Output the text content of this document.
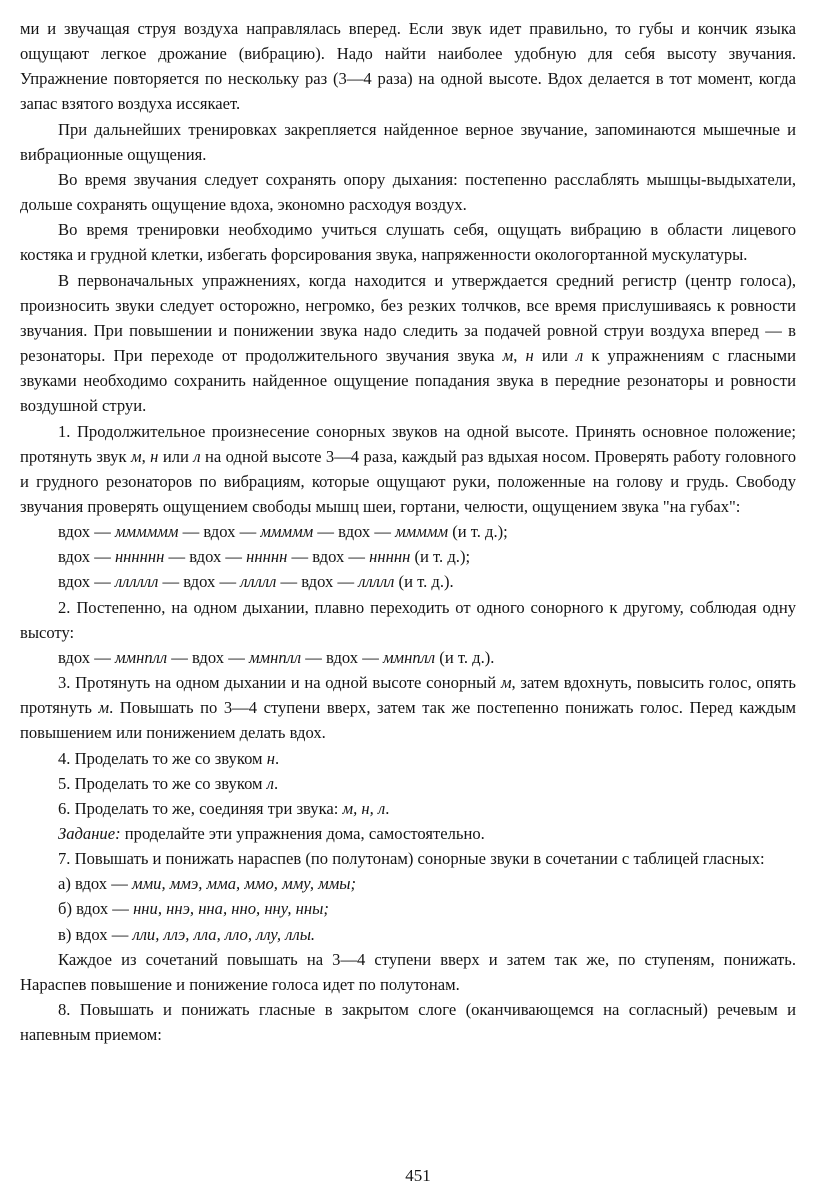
ми и звучащая струя воздуха направлялась вперед. Если звук идет правильно, то губы и кончик языка ощущают легкое дрожание (вибрацию). Надо найти наиболее удобную для себя высоту звучания. Упражнение повторяется по нескольку раз (3—4 раза) на одной высоте. Вдох делается в тот момент, когда запас взятого воздуха иссякает.

При дальнейших тренировках закрепляется найденное верное звучание, запоминаются мышечные и вибрационные ощущения.

Во время звучания следует сохранять опору дыхания: постепенно расслаблять мышцы-выдыхатели, дольше сохранять ощущение вдоха, экономно расходуя воздух.

Во время тренировки необходимо учиться слушать себя, ощущать вибрацию в области лицевого костяка и грудной клетки, избегать форсирования звука, напряженности окологортанной мускулатуры.

В первоначальных упражнениях, когда находится и утверждается средний регистр (центр голоса), произносить звуки следует осторожно, негромко, без резких толчков, все время прислушиваясь к ровности звучания. При повышении и понижении звука надо следить за подачей ровной струи воздуха вперед — в резонаторы. При переходе от продолжительного звучания звука м, н или л к упражнениям с гласными звуками необходимо сохранить найденное ощущение попадания звука в передние резонаторы и ровности воздушной струи.

1. Продолжительное произнесение сонорных звуков на одной высоте. Принять основное положение; протянуть звук м, н или л на одной высоте 3—4 раза, каждый раз вдыхая носом. Проверять работу головного и грудного резонаторов по вибрациям, которые ощущают руки, положенные на голову и грудь. Свободу звучания проверять ощущением свободы мышц шеи, гортани, челюсти, ощущением звука "на губах":

вдох — мммммм — вдох — ммммм — вдох — ммммм (и т. д.);

вдох — нннннн — вдох — ннннн — вдох — ннннн (и т. д.);

вдох — лллллл — вдох — ллллл — вдох — ллллл (и т. д.).

2. Постепенно, на одном дыхании, плавно переходить от одного сонорного к другому, соблюдая одну высоту:

вдох — ммнnлл — вдох — ммнnлл — вдох — ммнnлл (и т. д.).

3. Протянуть на одном дыхании и на одной высоте сонорный м, затем вдохнуть, повысить голос, опять протянуть м. Повышать по 3—4 ступени вверх, затем так же постепенно понижать голос. Перед каждым повышением или понижением делать вдох.

4. Проделать то же со звуком н.

5. Проделать то же со звуком л.

6. Проделать то же, соединяя три звука: м, н, л.

Задание: проделайте эти упражнения дома, самостоятельно.

7. Повышать и понижать нараспев (по полутонам) сонорные звуки в сочетании с таблицей гласных:

а) вдох — мми, ммэ, мма, ммо, мму, ммы;

б) вдох — нни, ннэ, нна, нно, нну, нны;

в) вдох — лли, ллэ, лла, лло, ллу, ллы.

Каждое из сочетаний повышать на 3—4 ступени вверх и затем так же, по ступеням, понижать. Нараспев повышение и понижение голоса идет по полутонам.

8. Повышать и понижать гласные в закрытом слоге (оканчивающемся на согласный) речевым и напевным приемом:

451
